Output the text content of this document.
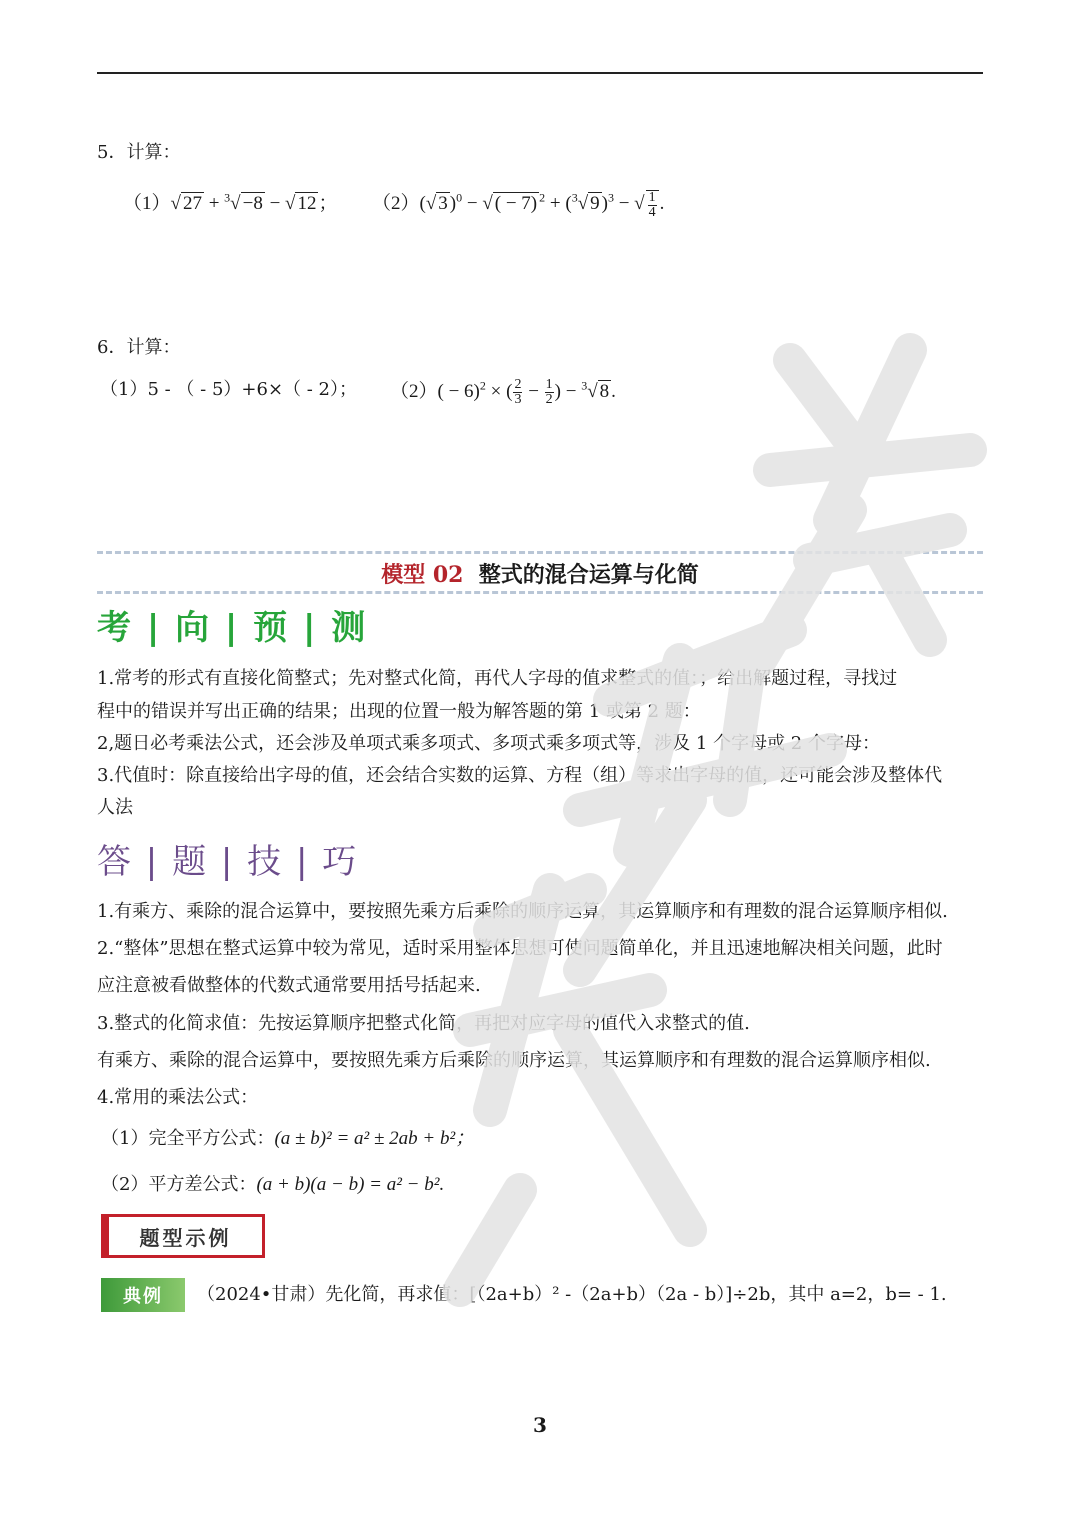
5．计算：
（1）√ 27 + $^3$√ −8 − √ 12 ； （2）(√ 3 )$^0$ − √ ( − 7) $^2$ + ($^3$√ 9 )$^3$ − √ $\frac{1}{4}$ .
6．计算：
（1）5 - （ - 5）+6×（ - 2）； $(2)( - 6)^2$ × ( $\frac{2}{3} - \frac{1}{2}$ ) − $^3$√ 8 .
模型 02 整式的混合运算与化简
考 | 向 | 预 | 测
1.常考的形式有直接化简整式；先对整式化简，再代人字母的值求整式的值：；给出解题过程，寻找过
程中的错误并写出正确的结果；出现的位置一般为解答题的第 1 或第 2 题：
2,题日必考乘法公式，还会涉及单项式乘多项式、多项式乘多项式等，涉及 1 个字母或 2 个字母：
3.代值时：除直接给出字母的值，还会结合实数的运算、方程（组）等求出字母的值，还可能会涉及整体代
人法
答 | 题 | 技 | 巧
1.有乘方、乘除的混合运算中，要按照先乘方后乘除的顺序运算，其运算顺序和有理数的混合运算顺序相似.
2.“整体”思想在整式运算中较为常见，适时采用整体思想可使问题简单化，并且迅速地解决相关问题，此时
应注意被看做整体的代数式通常要用括号括起来.
3.整式的化简求值：先按运算顺序把整式化简，再把对应字母的值代入求整式的值.
有乘方、乘除的混合运算中，要按照先乘方后乘除的顺序运算，其运算顺序和有理数的混合运算顺序相似.
4.常用的乘法公式：
（1）完全平方公式：(a ± b)² = a² ± 2ab + b²；
（2）平方差公式：(a + b)(a − b) = a² − b².
题型示例
典例	（2024•甘肃）先化简，再求值：[（2a+b）² -（2a+b）（2a - b）]÷2b，其中 a=2，b= - 1.
3
